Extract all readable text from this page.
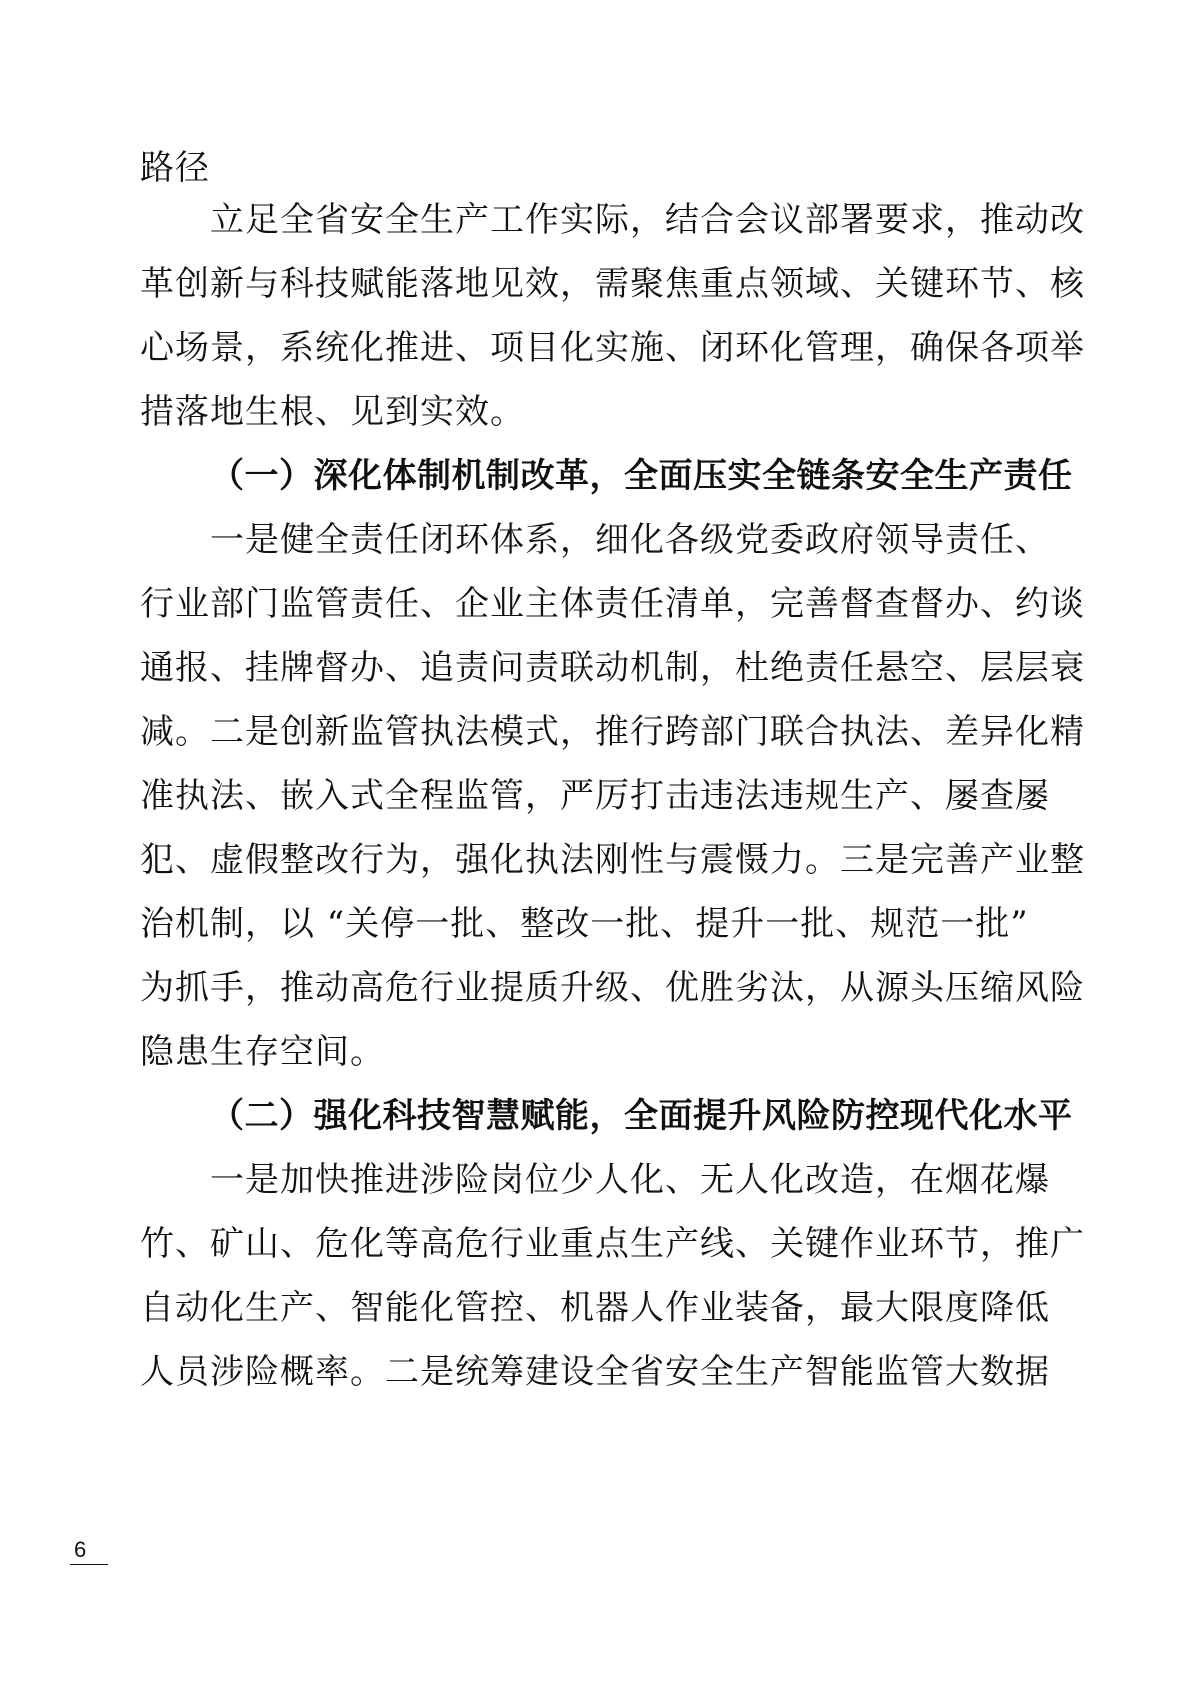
路径
立足全省安全生产工作实际，结合会议部署要求，推动改
革创新与科技赋能落地见效，需聚焦重点领域、关键环节、核
心场景，系统化推进、项目化实施、闭环化管理，确保各项举
措落地生根、见到实效。
（一）深化体制机制改革，全面压实全链条安全生产责任
一是健全责任闭环体系，细化各级党委政府领导责任、
行业部门监管责任、企业主体责任清单，完善督查督办、约谈
通报、挂牌督办、追责问责联动机制，杜绝责任悬空、层层衰
减。二是创新监管执法模式，推行跨部门联合执法、差异化精
准执法、嵌入式全程监管，严厉打击违法违规生产、屡查屡
犯、虚假整改行为，强化执法刚性与震慑力。三是完善产业整
治机制，以 “关停一批、整改一批、提升一批、规范一批”
为抓手，推动高危行业提质升级、优胜劣汰，从源头压缩风险
隐患生存空间。
（二）强化科技智慧赋能，全面提升风险防控现代化水平
一是加快推进涉险岗位少人化、无人化改造，在烟花爆
竹、矿山、危化等高危行业重点生产线、关键作业环节，推广
自动化生产、智能化管控、机器人作业装备，最大限度降低
人员涉险概率。二是统筹建设全省安全生产智能监管大数据
6
